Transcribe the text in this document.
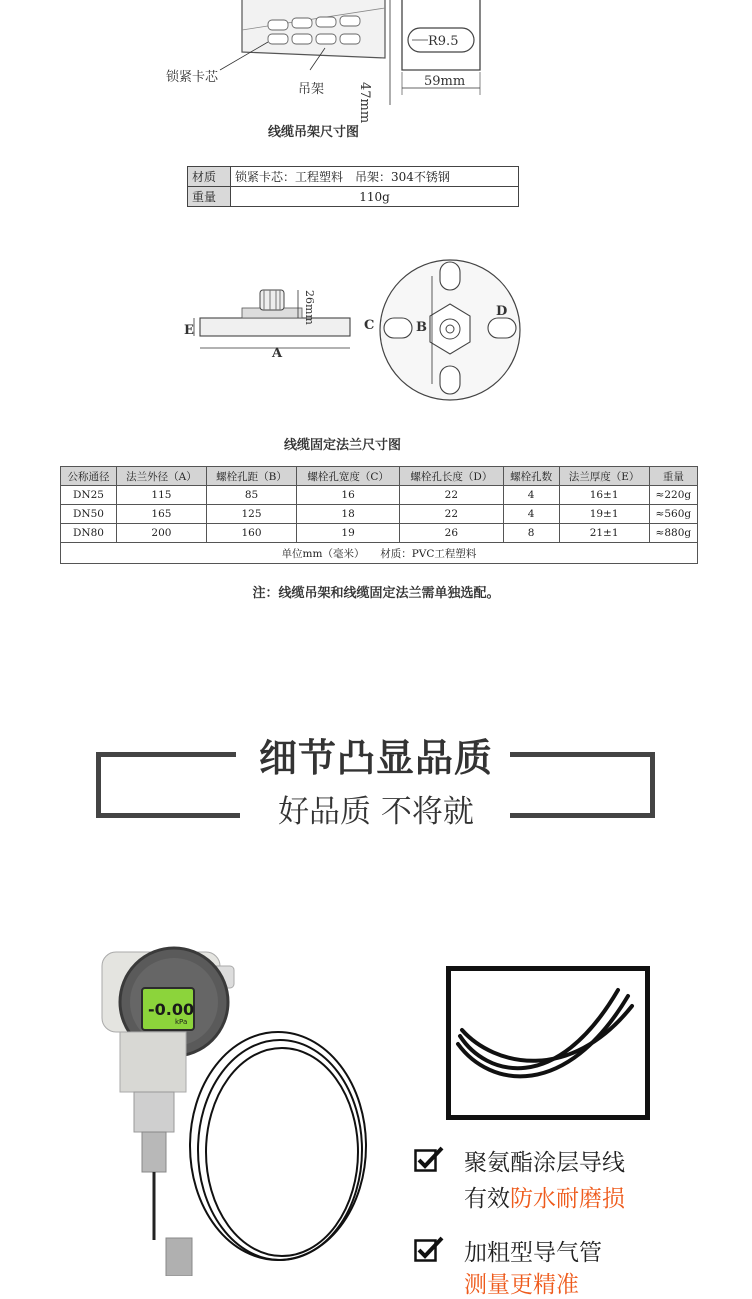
锁紧卡芯
吊架
R9.5
59mm
47mm
线缆吊架尺寸图
材质	锁紧卡芯：工程塑料　吊架：304不锈钢
重量	110g
26mm
E
A
C	B
D
线缆固定法兰尺寸图
公称通径	法兰外径（A）	螺栓孔距（B）	螺栓孔宽度（C）	螺栓孔长度（D）	螺栓孔数	法兰厚度（E）	重量
DN25	115	85	16	22	4	16±1	≈220g
DN50	165	125	18	22	4	19±1	≈560g
DN80	200	160	19	26	8	21±1	≈880g
单位mm（毫米）　　材质：PVC工程塑料							
注：线缆吊架和线缆固定法兰需单独选配。
细节凸显品质
好品质 不将就
-0.00
kPa
聚氨酯涂层导线
有效防水耐磨损
加粗型导气管
测量更精准
